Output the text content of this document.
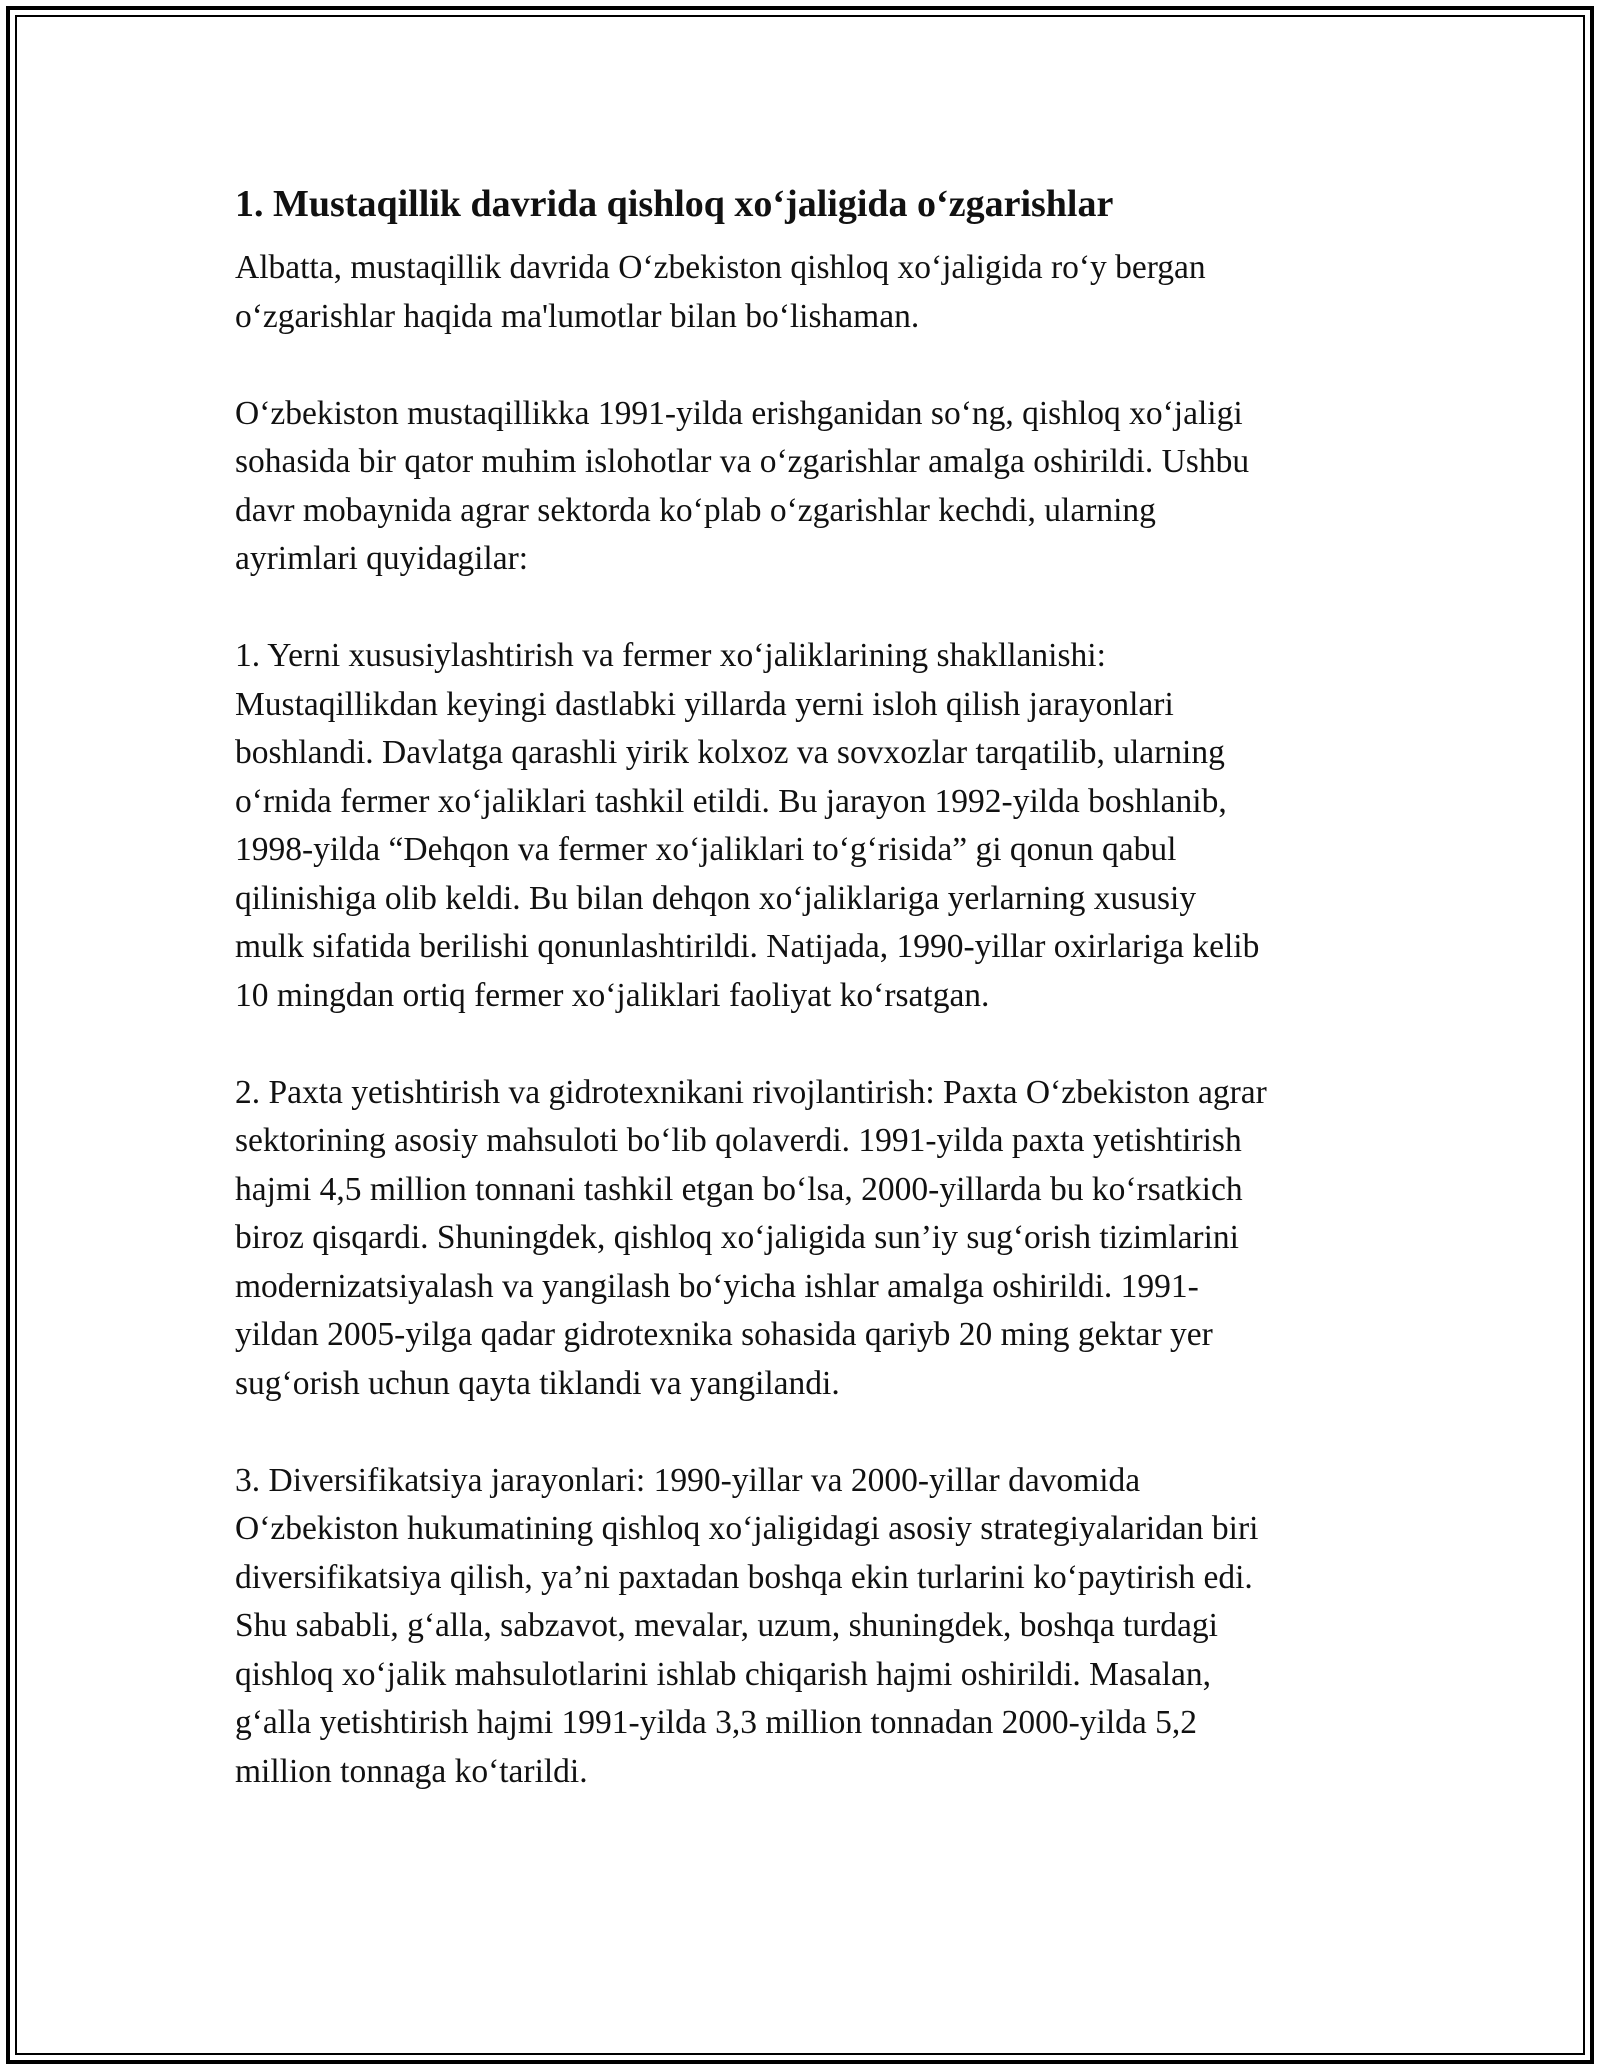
1. Mustaqillik davrida qishloq xo‘jaligida o‘zgarishlar

Albatta, mustaqillik davrida O‘zbekiston qishloq xo‘jaligida ro‘y bergan
o‘zgarishlar haqida ma'lumotlar bilan bo‘lishaman.

O‘zbekiston mustaqillikka 1991-yilda erishganidan so‘ng, qishloq xo‘jaligi
sohasida bir qator muhim islohotlar va o‘zgarishlar amalga oshirildi. Ushbu
davr mobaynida agrar sektorda ko‘plab o‘zgarishlar kechdi, ularning
ayrimlari quyidagilar:

1. Yerni xususiylashtirish va fermer xo‘jaliklarining shakllanishi:
Mustaqillikdan keyingi dastlabki yillarda yerni isloh qilish jarayonlari
boshlandi. Davlatga qarashli yirik kolxoz va sovxozlar tarqatilib, ularning
o‘rnida fermer xo‘jaliklari tashkil etildi. Bu jarayon 1992-yilda boshlanib,
1998-yilda “Dehqon va fermer xo‘jaliklari to‘g‘risida” gi qonun qabul
qilinishiga olib keldi. Bu bilan dehqon xo‘jaliklariga yerlarning xususiy
mulk sifatida berilishi qonunlashtirildi. Natijada, 1990-yillar oxirlariga kelib
10 mingdan ortiq fermer xo‘jaliklari faoliyat ko‘rsatgan.

2. Paxta yetishtirish va gidrotexnikani rivojlantirish: Paxta O‘zbekiston agrar
sektorining asosiy mahsuloti bo‘lib qolaverdi. 1991-yilda paxta yetishtirish
hajmi 4,5 million tonnani tashkil etgan bo‘lsa, 2000-yillarda bu ko‘rsatkich
biroz qisqardi. Shuningdek, qishloq xo‘jaligida sun’iy sug‘orish tizimlarini
modernizatsiyalash va yangilash bo‘yicha ishlar amalga oshirildi. 1991-
yildan 2005-yilga qadar gidrotexnika sohasida qariyb 20 ming gektar yer
sug‘orish uchun qayta tiklandi va yangilandi.

3. Diversifikatsiya jarayonlari: 1990-yillar va 2000-yillar davomida
O‘zbekiston hukumatining qishloq xo‘jaligidagi asosiy strategiyalaridan biri
diversifikatsiya qilish, ya’ni paxtadan boshqa ekin turlarini ko‘paytirish edi.
Shu sababli, g‘alla, sabzavot, mevalar, uzum, shuningdek, boshqa turdagi
qishloq xo‘jalik mahsulotlarini ishlab chiqarish hajmi oshirildi. Masalan,
g‘alla yetishtirish hajmi 1991-yilda 3,3 million tonnadan 2000-yilda 5,2
million tonnaga ko‘tarildi.
